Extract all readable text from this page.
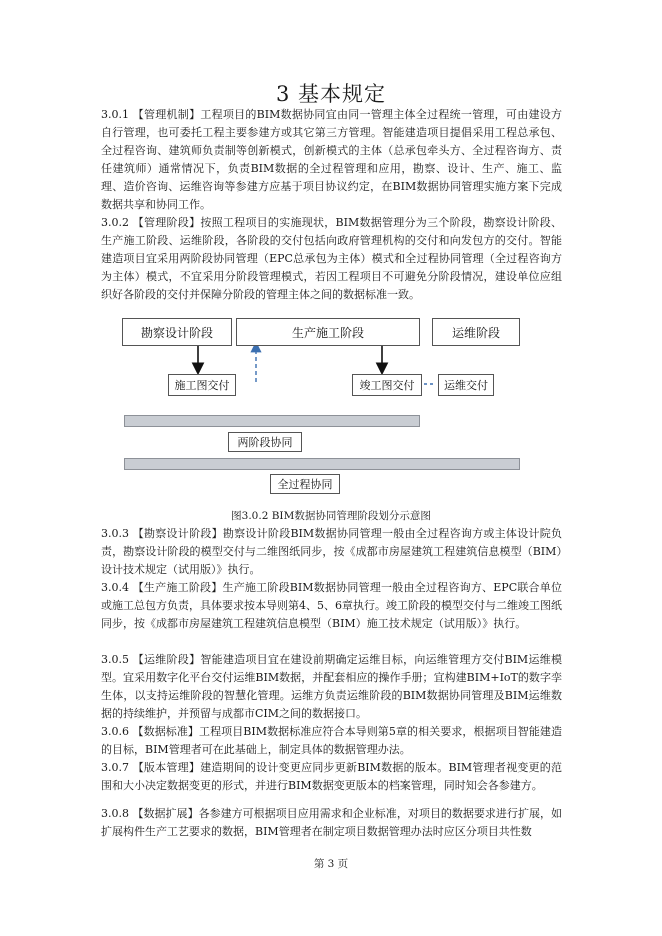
3 基本规定

3.0.1 【管理机制】工程项目的BIM数据协同宜由同一管理主体全过程统一管理，可由建设方自行管理，也可委托工程主要参建方或其它第三方管理。智能建造项目提倡采用工程总承包、全过程咨询、建筑师负责制等创新模式，创新模式的主体（总承包牵头方、全过程咨询方、责任建筑师）通常情况下，负责BIM数据的全过程管理和应用，勘察、设计、生产、施工、监理、造价咨询、运维咨询等参建方应基于项目协议约定，在BIM数据协同管理实施方案下完成数据共享和协同工作。

3.0.2 【管理阶段】按照工程项目的实施现状，BIM数据管理分为三个阶段，勘察设计阶段、生产施工阶段、运维阶段，各阶段的交付包括向政府管理机构的交付和向发包方的交付。智能建造项目宜采用两阶段协同管理（EPC总承包为主体）模式和全过程协同管理（全过程咨询方为主体）模式，不宜采用分阶段管理模式，若因工程项目不可避免分阶段情况，建设单位应组织好各阶段的交付并保障分阶段的管理主体之间的数据标准一致。

勘察设计阶段	生产施工阶段	运维阶段
施工图交付	竣工图交付	运维交付
两阶段协同
全过程协同
图3.0.2 BIM数据协同管理阶段划分示意图

3.0.3 【勘察设计阶段】勘察设计阶段BIM数据协同管理一般由全过程咨询方或主体设计院负责，勘察设计阶段的模型交付与二维图纸同步，按《成都市房屋建筑工程建筑信息模型（BIM）设计技术规定（试用版）》执行。

3.0.4 【生产施工阶段】生产施工阶段BIM数据协同管理一般由全过程咨询方、EPC联合单位或施工总包方负责，具体要求按本导则第4、5、6章执行。竣工阶段的模型交付与二维竣工图纸同步，按《成都市房屋建筑工程建筑信息模型（BIM）施工技术规定（试用版）》执行。

3.0.5 【运维阶段】智能建造项目宜在建设前期确定运维目标，向运维管理方交付BIM运维模型。宜采用数字化平台交付运维BIM数据，并配套相应的操作手册；宜构建BIM+IoT的数字孪生体，以支持运维阶段的智慧化管理。运维方负责运维阶段的BIM数据协同管理及BIM运维数据的持续维护，并预留与成都市CIM之间的数据接口。

3.0.6 【数据标准】工程项目BIM数据标准应符合本导则第5章的相关要求，根据项目智能建造的目标，BIM管理者可在此基础上，制定具体的数据管理办法。

3.0.7 【版本管理】建造期间的设计变更应同步更新BIM数据的版本。BIM管理者视变更的范围和大小决定数据变更的形式，并进行BIM数据变更版本的档案管理，同时知会各参建方。

3.0.8 【数据扩展】各参建方可根据项目应用需求和企业标准，对项目的数据要求进行扩展，如扩展构件生产工艺要求的数据，BIM管理者在制定项目数据管理办法时应区分项目共性数

第 3 页
